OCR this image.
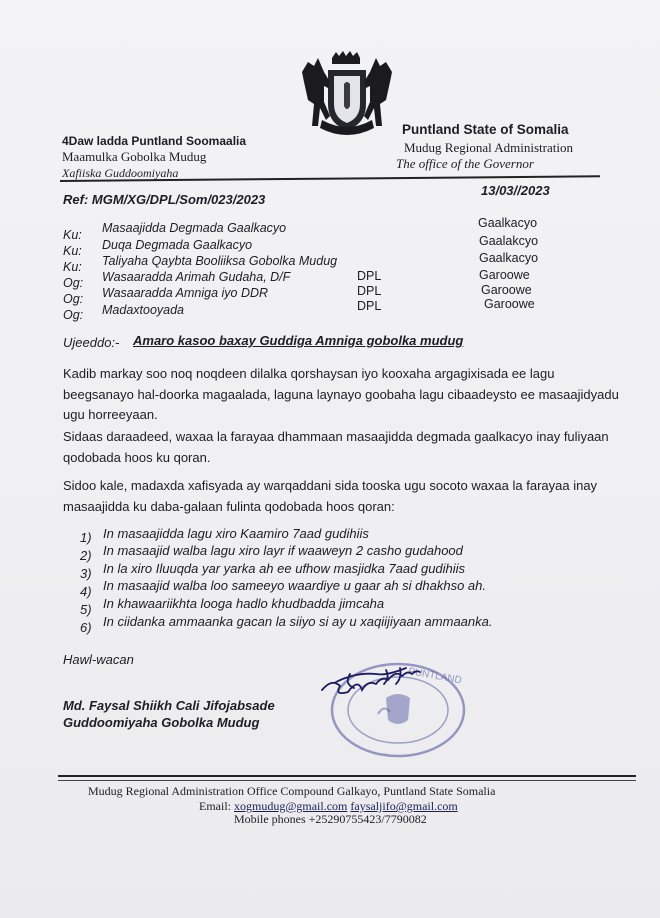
4Daw ladda Puntland Soomaalia
Maamulka Gobolka Mudug
Xafiiska Guddoomiyaha
Puntland State of Somalia
Mudug Regional Administration
The office of the Governor
Ref: MGM/XG/DPL/Som/023/2023
13/03//2023
Ku: Masaajidda Degmada Gaalkacyo	Gaalkacyo
Ku: Duqa Degmada Gaalkacyo	Gaalakcyo
Ku: Taliyaha Qaybta Booliiksa Gobolka Mudug	Gaalkacyo
Og: Wasaaradda Arimah Gudaha, D/F	DPL	Garoowe
Og: Wasaaradda Amniga iyo DDR	DPL	Garoowe
Og: Madaxtooyada	DPL	Garoowe
Ujeeddo:- Amaro kasoo baxay Guddiga Amniga gobolka mudug
Kadib markay soo noq noqdeen dilalka qorshaysan iyo kooxaha argagixisada ee lagu beegsanayo hal-doorka magaalada, laguna laynayo goobaha lagu cibaadeysto ee masaajidyadu ugu horreeyaan.
Sidaas daraadeed, waxaa la farayaa dhammaan masaajidda degmada gaalkacyo inay fuliyaan qodobada hoos ku qoran.
Sidoo kale, madaxda xafisyada ay warqaddani sida tooska ugu socoto waxaa la farayaa inay masaajidda ku daba-galaan fulinta qodobada hoos qoran:
1) In masaajidda lagu xiro Kaamiro 7aad gudihiis
2) In masaajid walba lagu xiro layr if waaweyn 2 casho gudahood
3) In la xiro Iluuqda yar yarka ah ee ufhow masjidka 7aad gudihiis
4) In masaajid walba loo sameeyo waardiye u gaar ah si dhakhso ah.
5) In khawaariikhta looga hadlo khudbadda jimcaha
6) In ciidanka ammaanka gacan la siiyo si ay u xaqiijiyaan ammaanka.
Hawl-wacan
PUNTLAND
Md. Faysal Shiikh Cali Jifojabsade
Guddoomiyaha Gobolka Mudug
Mudug Regional Administration Office Compound Galkayo, Puntland State Somalia
Email: xogmudug@gmail.com faysaljifo@gmail.com
Mobile phones +25290755423/7790082
